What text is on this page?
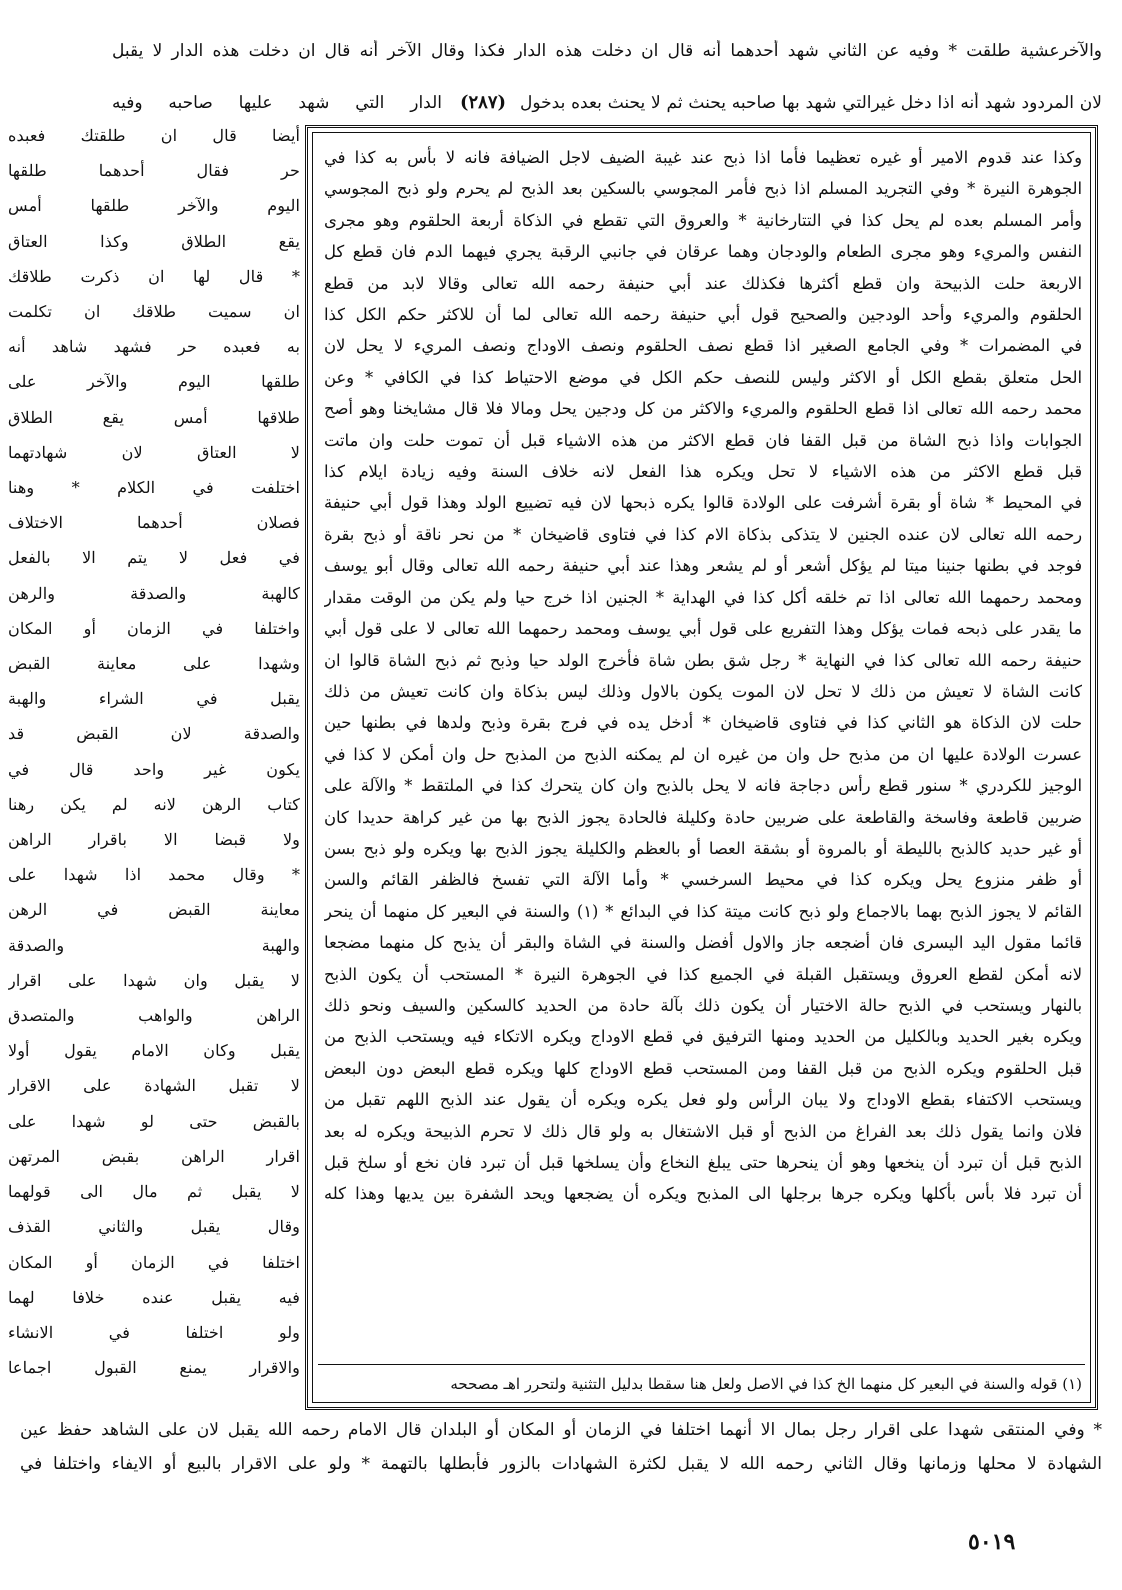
والآخرعشية طلقت * وفيه عن الثاني شهد أحدهما أنه قال ان دخلت هذه الدار فكذا وقال الآخر أنه قال ان دخلت هذه الدار لا يقبل
الدار التي شهد عليها صاحبه وفيه (٢٨٧) لان المردود شهد أنه اذا دخل غيرالتي شهد بها صاحبه يحنث ثم لا يحنث بعده بدخول
وكذا عند قدوم الامير أو غيره تعظيما فأما اذا ذبح عند غيبة الضيف لاجل الضيافة فانه لا بأس به كذا في
الجوهرة النيرة * وفي التجريد المسلم اذا ذبح فأمر المجوسي بالسكين بعد الذبح لم يحرم ولو ذبح المجوسي
وأمر المسلم بعده لم يحل كذا في التتارخانية * والعروق التي تقطع في الذكاة أربعة الحلقوم وهو مجرى
النفس والمريء وهو مجرى الطعام والودجان وهما عرقان في جانبي الرقبة يجري فيهما الدم فان قطع كل
الاربعة حلت الذبيحة وان قطع أكثرها فكذلك عند أبي حنيفة رحمه الله تعالى وقالا لابد من قطع
الحلقوم والمريء وأحد الودجين والصحيح قول أبي حنيفة رحمه الله تعالى لما أن للاكثر حكم الكل كذا
في المضمرات * وفي الجامع الصغير اذا قطع نصف الحلقوم ونصف الاوداج ونصف المريء لا يحل لان
الحل متعلق بقطع الكل أو الاكثر وليس للنصف حكم الكل في موضع الاحتياط كذا في الكافي * وعن
محمد رحمه الله تعالى اذا قطع الحلقوم والمريء والاكثر من كل ودجين يحل ومالا فلا قال مشايخنا وهو أصح
الجوابات واذا ذبح الشاة من قبل القفا فان قطع الاكثر من هذه الاشياء قبل أن تموت حلت وان ماتت
قبل قطع الاكثر من هذه الاشياء لا تحل ويكره هذا الفعل لانه خلاف السنة وفيه زيادة ايلام كذا
في المحيط * شاة أو بقرة أشرفت على الولادة قالوا يكره ذبحها لان فيه تضييع الولد وهذا قول أبي حنيفة
رحمه الله تعالى لان عنده الجنين لا يتذكى بذكاة الام كذا في فتاوى قاضيخان * من نحر ناقة أو ذبح بقرة
فوجد في بطنها جنينا ميتا لم يؤكل أشعر أو لم يشعر وهذا عند أبي حنيفة رحمه الله تعالى وقال أبو يوسف
ومحمد رحمهما الله تعالى اذا تم خلقه أكل كذا في الهداية * الجنين اذا خرج حيا ولم يكن من الوقت مقدار
ما يقدر على ذبحه فمات يؤكل وهذا التفريع على قول أبي يوسف ومحمد رحمهما الله تعالى لا على قول أبي
حنيفة رحمه الله تعالى كذا في النهاية * رجل شق بطن شاة فأخرج الولد حيا وذبح ثم ذبح الشاة قالوا ان
كانت الشاة لا تعيش من ذلك لا تحل لان الموت يكون بالاول وذلك ليس بذكاة وان كانت تعيش من ذلك
حلت لان الذكاة هو الثاني كذا في فتاوى قاضيخان * أدخل يده في فرج بقرة وذبح ولدها في بطنها حين
عسرت الولادة عليها ان من مذبح حل وان من غيره ان لم يمكنه الذبح من المذبح حل وان أمكن لا كذا في
الوجيز للكردري * سنور قطع رأس دجاجة فانه لا يحل بالذبح وان كان يتحرك كذا في الملتقط * والآلة على
ضربين قاطعة وفاسخة والقاطعة على ضربين حادة وكليلة فالحادة يجوز الذبح بها من غير كراهة حديدا كان
أو غير حديد كالذبح بالليطة أو بالمروة أو بشقة العصا أو بالعظم والكليلة يجوز الذبح بها ويكره ولو ذبح بسن
أو ظفر منزوع يحل ويكره كذا في محيط السرخسي * وأما الآلة التي تفسخ فالظفر القائم والسن
القائم لا يجوز الذبح بهما بالاجماع ولو ذبح كانت ميتة كذا في البدائع * (١) والسنة في البعير كل منهما أن ينحر
قائما مقول اليد اليسرى فان أضجعه جاز والاول أفضل والسنة في الشاة والبقر أن يذبح كل منهما مضجعا
لانه أمكن لقطع العروق ويستقبل القبلة في الجميع كذا في الجوهرة النيرة * المستحب أن يكون الذبح
بالنهار ويستحب في الذبح حالة الاختيار أن يكون ذلك بآلة حادة من الحديد كالسكين والسيف ونحو ذلك
ويكره بغير الحديد وبالكليل من الحديد ومنها الترفيق في قطع الاوداج ويكره الاتكاء فيه ويستحب الذبح من
قبل الحلقوم ويكره الذبح من قبل القفا ومن المستحب قطع الاوداج كلها ويكره قطع البعض دون البعض
ويستحب الاكتفاء بقطع الاوداج ولا يبان الرأس ولو فعل يكره ويكره أن يقول عند الذبح اللهم تقبل من
فلان وانما يقول ذلك بعد الفراغ من الذبح أو قبل الاشتغال به ولو قال ذلك لا تحرم الذبيحة ويكره له بعد
الذبح قبل أن تبرد أن ينخعها وهو أن ينحرها حتى يبلغ النخاع وأن يسلخها قبل أن تبرد فان نخع أو سلخ قبل
أن تبرد فلا بأس بأكلها ويكره جرها برجلها الى المذبح ويكره أن يضجعها ويحد الشفرة بين يديها وهذا كله
(١) قوله والسنة في البعير كل منهما الخ كذا في الاصل ولعل هنا سقطا بدليل التثنية ولتحرر اهـ مصححه
أيضا قال ان طلقتك فعبده
حر فقال أحدهما طلقها
اليوم والآخر طلقها أمس
يقع الطلاق وكذا العتاق
* قال لها ان ذكرت طلاقك
ان سميت طلاقك ان تكلمت
به فعبده حر فشهد شاهد أنه
طلقها اليوم والآخر على
طلاقها أمس يقع الطلاق
لا العتاق لان شهادتهما
اختلفت في الكلام * وهنا
فصلان أحدهما الاختلاف
في فعل لا يتم الا بالفعل
كالهبة والصدقة والرهن
واختلفا في الزمان أو المكان
وشهدا على معاينة القبض
يقبل في الشراء والهبة
والصدقة لان القبض قد
يكون غير واحد قال في
كتاب الرهن لانه لم يكن رهنا
ولا قبضا الا باقرار الراهن
* وقال محمد اذا شهدا على
معاينة القبض في الرهن
والهبة والصدقة
لا يقبل وان شهدا على اقرار
الراهن والواهب والمتصدق
يقبل وكان الامام يقول أولا
لا تقبل الشهادة على الاقرار
بالقبض حتى لو شهدا على
اقرار الراهن بقبض المرتهن
لا يقبل ثم مال الى قولهما
وقال يقبل والثاني القذف
اختلفا في الزمان أو المكان
فيه يقبل عنده خلافا لهما
ولو اختلفا في الانشاء
والاقرار يمنع القبول اجماعا
* وفي المنتقى شهدا على اقرار رجل بمال الا أنهما اختلفا في الزمان أو المكان أو البلدان قال الامام رحمه الله يقبل لان على الشاهد حفظ عين
الشهادة لا محلها وزمانها وقال الثاني رحمه الله لا يقبل لكثرة الشهادات بالزور فأبطلها بالتهمة * ولو على الاقرار بالبيع أو الايفاء واختلفا في
٥٠١٩
